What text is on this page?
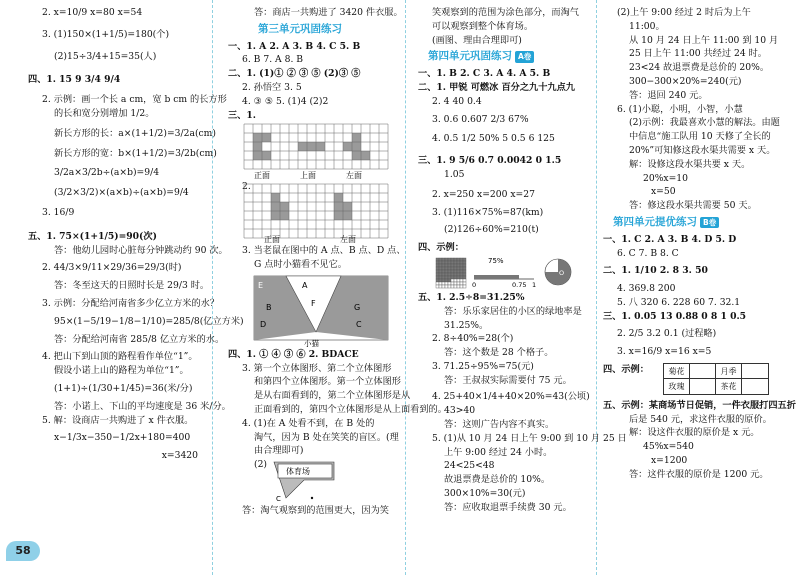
2. x=10/9 x=80 x=54
3. (1)150×(1+1/5)=180(个)
(2)15÷3/4+15=35(人)
四、1. 15 9 3/4 9/4
2. 示例：画一个长 a cm，宽 b cm 的长方形
的长和宽分别增加 1/2。
新长方形的长：a×(1+1/2)=3/2a(cm)
新长方形的宽：b×(1+1/2)=3/2b(cm)
3/2a×3/2b÷(a×b)=9/4
(3/2×3/2)×(a×b)÷(a×b)=9/4
3. 16/9
五、1. 75×(1+1/5)=90(次)
答：他幼儿园时心脏每分钟跳动约 90 次。
2. 44/3×9/11×29/36=29/3(时)
答：冬至这天的日照时长是 29/3 时。
3. 示例：分配给河南省多少亿立方米的水？
95×(1−5/19−1/8−1/10)=285/8(亿立方米)
答：分配给河南省 285/8 亿立方米的水。
4. 把山下到山顶的路程看作单位“1”。
假设小诺上山的路程为单位“1”。
(1+1)÷(1/30+1/45)=36(米/分)
答：小诺上、下山的平均速度是 36 米/分。
5. 解：设商店一共购进了 x 件衣服。
x−1/3x−350−1/2x+180=400
x=3420
答：商店一共购进了 3420 件衣服。
第三单元巩固练习
一、1. A 2. A 3. B 4. C 5. B
6. B 7. A 8. B
二、1. (1)① ② ③ ⑤ (2)③ ⑤
2. 孙悟空 3. 5
4. ③ ⑤ 5. (1)4 (2)2
三、1.
正面	上面	左面
2.
正面	左面
3. 当老鼠在图中的 A 点、B 点、D 点、
G 点时小猫看不见它。
E	A
B
D
F	G
C
小猫
四、1. ① ④ ③ ⑥ 2. BDACE
3. 第一个立体图形、第二个立体图形
和第四个立体图形。第一个立体图形
是从右面看到的，第二个立体图形是从
正面看到的，第四个立体图形是从上面看到的。
4. (1)在 A 处看不到，在 B 处的
淘气，因为 B 处在笑笑的盲区。(理
由合理即可)
(2)
体育场
C
答：淘气观察到的范围更大，因为笑
笑观察到的范围为涂色部分，而淘气
可以观察到整个体育场。
(画图、理由合理即可)
第四单元巩固练习 A卷
一、1. B 2. C 3. A 4. A 5. B
二、1. 甲锐 可燃冰 百分之九十九点九
2. 4 40 0.4
3. 0.6 0.607 2/3 67%
4. 0.5 1/2 50% 5 0.5 6 125
三、1. 9 5/6 0.7 0.0042 0 1.5
1.05
2. x=250 x=200 x=27
3. (1)116×75%=87(km)
(2)126÷60%=210(t)
四、示例：
75%
0	0.75 1
O
五、1. 2.5÷8=31.25%
答：乐乐家居住的小区的绿地率是
31.25%。
2. 8÷40%=28(个)
答：这个数是 28 个格子。
3. 71.25÷95%=75(元)
答：王叔叔实际需要付 75 元。
4. 25+40×1/4+40×20%=43(公顷)
43>40
答：这则广告内容不真实。
5. (1)从 10 月 24 日上午 9:00 到 10 月 25 日
上午 9:00 经过 24 小时。
24<25<48
故退票费是总价的 10%。
300×10%=30(元)
答：应收取退票手续费 30 元。
(2)上午 9:00 经过 2 时后为上午
11:00。
从 10 月 24 日上午 11:00 到 10 月
25 日上午 11:00 共经过 24 时。
23<24 故退票费是总价的 20%。
300−300×20%=240(元)
答：退回 240 元。
6. (1)小聪，小明，小智，小慧
(2)示例：我最喜欢小慧的解法。由题
中信息“施工队用 10 天修了全长的
20%”可知修这段水渠共需要 x 天。
解：设修这段水渠共要 x 天。
20%x=10
x=50
答：修这段水渠共需要 50 天。
第四单元提优练习 B卷
一、1. C 2. A 3. B 4. D 5. D
6. C 7. B 8. C
二、1. 1/10 2. 8 3. 50
4. 369.8 200
5. 八 320 6. 228 60 7. 32.1
三、1. 0.05 13 0.88 0 8 1 0.5
2. 2/5 3.2 0.1 (过程略)
3. x=16/9 x=16 x=5
四、示例：	菊花	月季
玫瑰	茶花
五、示例：某商场节日促销，一件衣服打四五折
后是 540 元，求这件衣服的原价。
解：设这件衣服的原价是 x 元。
45%x=540
x=1200
答：这件衣服的原价是 1200 元。
58
